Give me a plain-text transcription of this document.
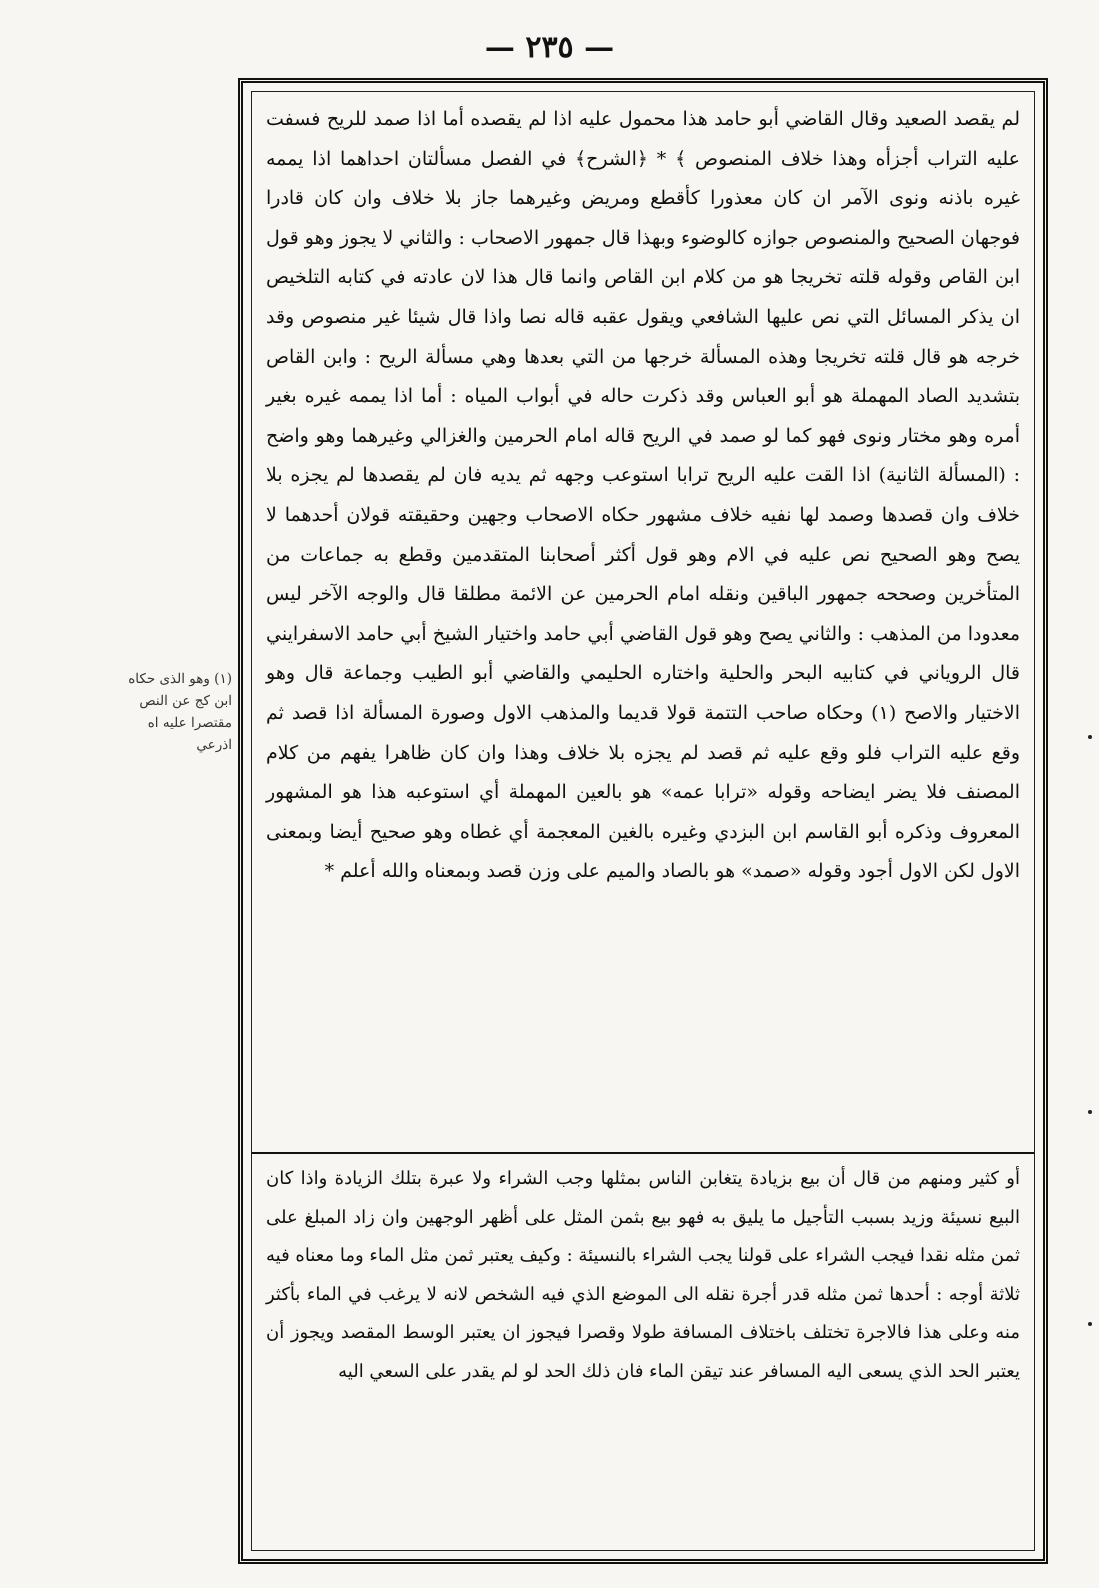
— ٢٣٥ —
(١) وهو الذى حكاه ابن كج عن النص مقتصرا عليه اه اذرعي

لم يقصد الصعيد وقال القاضي أبو حامد هذا محمول عليه اذا لم يقصده أما اذا صمد للريح فسفت عليه التراب أجزأه وهذا خلاف المنصوص ﴾ * ﴿الشرح﴾ في الفصل مسألتان احداهما اذا يممه غيره باذنه ونوى الآمر ان كان معذورا كأقطع ومريض وغيرهما جاز بلا خلاف وان كان قادرا فوجهان الصحيح والمنصوص جوازه كالوضوء وبهذا قال جمهور الاصحاب : والثاني لا يجوز وهو قول ابن القاص وقوله قلته تخريجا هو من كلام ابن القاص وانما قال هذا لان عادته في كتابه التلخيص ان يذكر المسائل التي نص عليها الشافعي ويقول عقبه قاله نصا واذا قال شيئا غير منصوص وقد خرجه هو قال قلته تخريجا وهذه المسألة خرجها من التي بعدها وهي مسألة الريح : وابن القاص بتشديد الصاد المهملة هو أبو العباس وقد ذكرت حاله في أبواب المياه : أما اذا يممه غيره بغير أمره وهو مختار ونوى فهو كما لو صمد في الريح قاله امام الحرمين والغزالي وغيرهما وهو واضح : (المسألة الثانية) اذا القت عليه الريح ترابا استوعب وجهه ثم يديه فان لم يقصدها لم يجزه بلا خلاف وان قصدها وصمد لها نفيه خلاف مشهور حكاه الاصحاب وجهين وحقيقته قولان أحدهما لا يصح وهو الصحيح نص عليه في الام وهو قول أكثر أصحابنا المتقدمين وقطع به جماعات من المتأخرين وصححه جمهور الباقين ونقله امام الحرمين عن الائمة مطلقا قال والوجه الآخر ليس معدودا من المذهب : والثاني يصح وهو قول القاضي أبي حامد واختيار الشيخ أبي حامد الاسفرايني قال الروياني في كتابيه البحر والحلية واختاره الحليمي والقاضي أبو الطيب وجماعة قال وهو الاختيار والاصح (١) وحكاه صاحب التتمة قولا قديما والمذهب الاول وصورة المسألة اذا قصد ثم وقع عليه التراب فلو وقع عليه ثم قصد لم يجزه بلا خلاف وهذا وان كان ظاهرا يفهم من كلام المصنف فلا يضر ايضاحه وقوله «ترابا عمه» هو بالعين المهملة أي استوعبه هذا هو المشهور المعروف وذكره أبو القاسم ابن البزدي وغيره بالغين المعجمة أي غطاه وهو صحيح أيضا وبمعنى الاول لكن الاول أجود وقوله «صمد» هو بالصاد والميم على وزن قصد وبمعناه والله أعلم *

أو كثير ومنهم من قال أن بيع بزيادة يتغابن الناس بمثلها وجب الشراء ولا عبرة بتلك الزيادة واذا كان البيع نسيئة وزيد بسبب التأجيل ما يليق به فهو بيع بثمن المثل على أظهر الوجهين وان زاد المبلغ على ثمن مثله نقدا فيجب الشراء على قولنا يجب الشراء بالنسيئة : وكيف يعتبر ثمن مثل الماء وما معناه فيه ثلاثة أوجه : أحدها ثمن مثله قدر أجرة نقله الى الموضع الذي فيه الشخص لانه لا يرغب في الماء بأكثر منه وعلى هذا فالاجرة تختلف باختلاف المسافة طولا وقصرا فيجوز ان يعتبر الوسط المقصد ويجوز أن يعتبر الحد الذي يسعى اليه المسافر عند تيقن الماء فان ذلك الحد لو لم يقدر على السعي اليه
